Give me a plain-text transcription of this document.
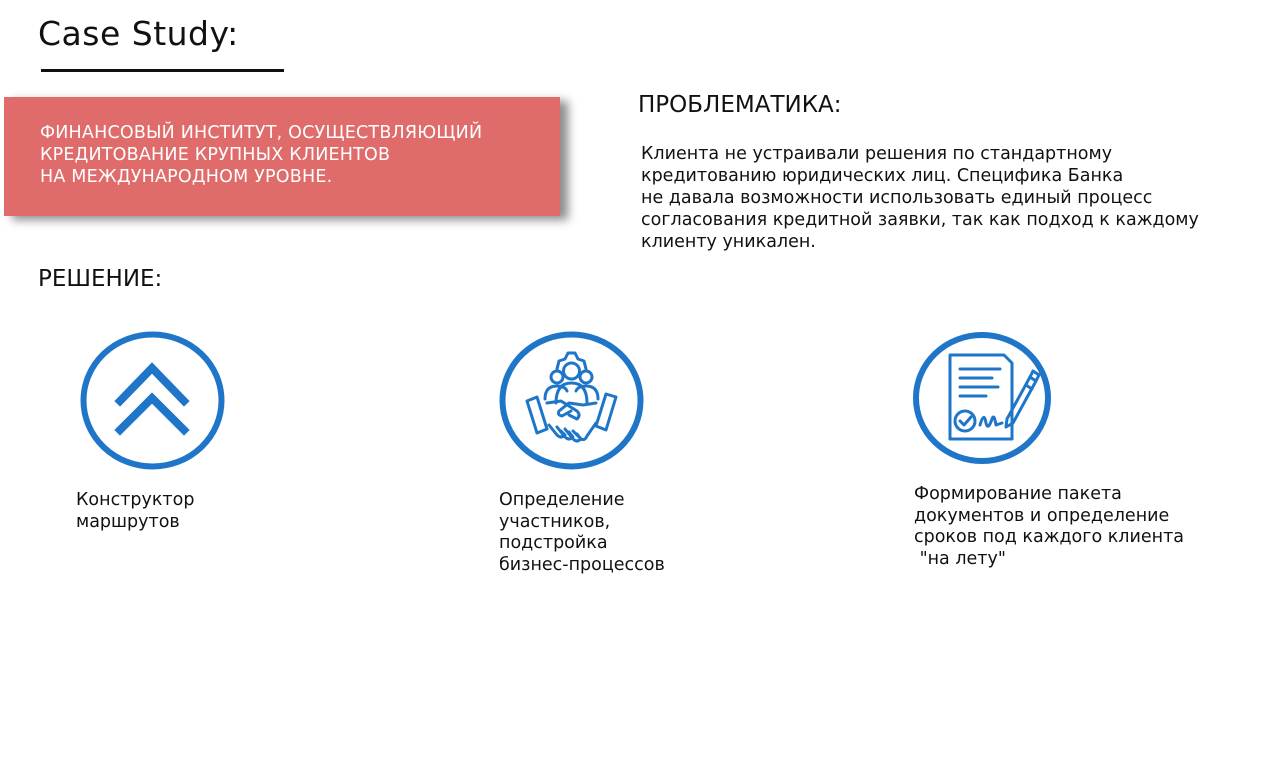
Case Study:
ФИНАНСОВЫЙ ИНСТИТУТ, ОСУЩЕСТВЛЯЮЩИЙ
КРЕДИТОВАНИЕ КРУПНЫХ КЛИЕНТОВ
НА МЕЖДУНАРОДНОМ УРОВНЕ.
ПРОБЛЕМАТИКА:
Клиента не устраивали решения по стандартному
кредитованию юридических лиц. Специфика Банка
не давала возможности использовать единый процесс
согласования кредитной заявки, так как подход к каждому
клиенту уникален.
РЕШЕНИЕ:
Конструктор
маршрутов
Определение
участников,
подстройка
бизнес-процессов
Формирование пакета
документов и определение
сроков под каждого клиента
"на лету"
